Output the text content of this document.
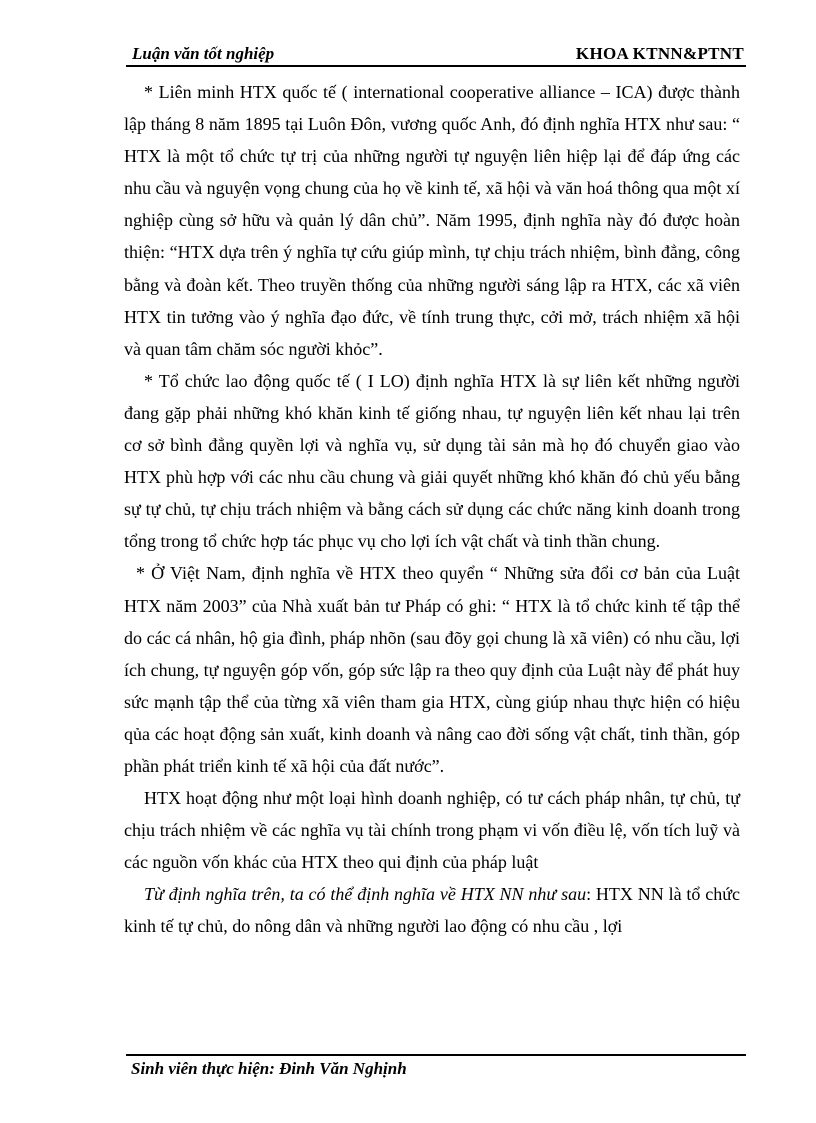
Luận văn tốt nghiệp	KHOA KTNN&PTNT

* Liên minh HTX quốc tế ( international cooperative alliance – ICA) được thành lập tháng 8 năm 1895 tại Luôn Đôn, vương quốc Anh, đó định nghĩa HTX như sau: “ HTX là một tổ chức tự trị của những người tự nguyện liên hiệp lại để đáp ứng các nhu cầu và nguyện vọng chung của họ về kinh tế, xã hội và văn hoá thông qua một xí nghiệp cùng sở hữu và quản lý dân chủ”. Năm 1995, định nghĩa này đó được hoàn thiện: “HTX dựa trên ý nghĩa tự cứu giúp mình, tự chịu trách nhiệm, bình đẳng, công bằng và đoàn kết. Theo truyền thống của những người sáng lập ra HTX, các xã viên HTX tin tưởng vào ý nghĩa đạo đức, về tính trung thực, cởi mở, trách nhiệm xã hội và quan tâm chăm sóc người khỏc”.

* Tổ chức lao động quốc tế ( I LO) định nghĩa HTX là sự liên kết những người đang gặp phải những khó khăn kinh tế giống nhau, tự nguyện liên kết nhau lại trên cơ sở bình đẳng quyền lợi và nghĩa vụ, sử dụng tài sản mà họ đó chuyển giao vào HTX phù hợp với các nhu cầu chung và giải quyết những khó khăn đó chủ yếu bằng sự tự chủ, tự chịu trách nhiệm và bằng cách sử dụng các chức năng kinh doanh trong tổng trong tổ chức hợp tác phục vụ cho lợi ích vật chất và tinh thần chung.

* Ở Việt Nam, định nghĩa về HTX theo quyển “ Những sửa đổi cơ bản của Luật HTX năm 2003” của Nhà xuất bản tư Pháp có ghi: “ HTX là tổ chức kinh tế tập thể do các cá nhân, hộ gia đình, pháp nhõn (sau đõy gọi chung là xã viên) có nhu cầu, lợi ích chung, tự nguyện góp vốn, góp sức lập ra theo quy định của Luật này để phát huy sức mạnh tập thể của từng xã viên tham gia HTX, cùng giúp nhau thực hiện có hiệu qủa các hoạt động sản xuất, kinh doanh và nâng cao đời sống vật chất, tinh thần, góp phần phát triển kinh tế xã hội của đất nước”.

HTX hoạt động như một loại hình doanh nghiệp, có tư cách pháp nhân, tự chủ, tự chịu trách nhiệm về các nghĩa vụ tài chính trong phạm vi vốn điều lệ, vốn tích luỹ và các nguồn vốn khác của HTX theo qui định của pháp luật

Từ định nghĩa trên, ta có thể định nghĩa về HTX NN như sau: HTX NN là tổ chức kinh tế tự chủ, do nông dân và những người lao động có nhu cầu , lợi

Sinh viên thực hiện: Đinh Văn Nghịnh
